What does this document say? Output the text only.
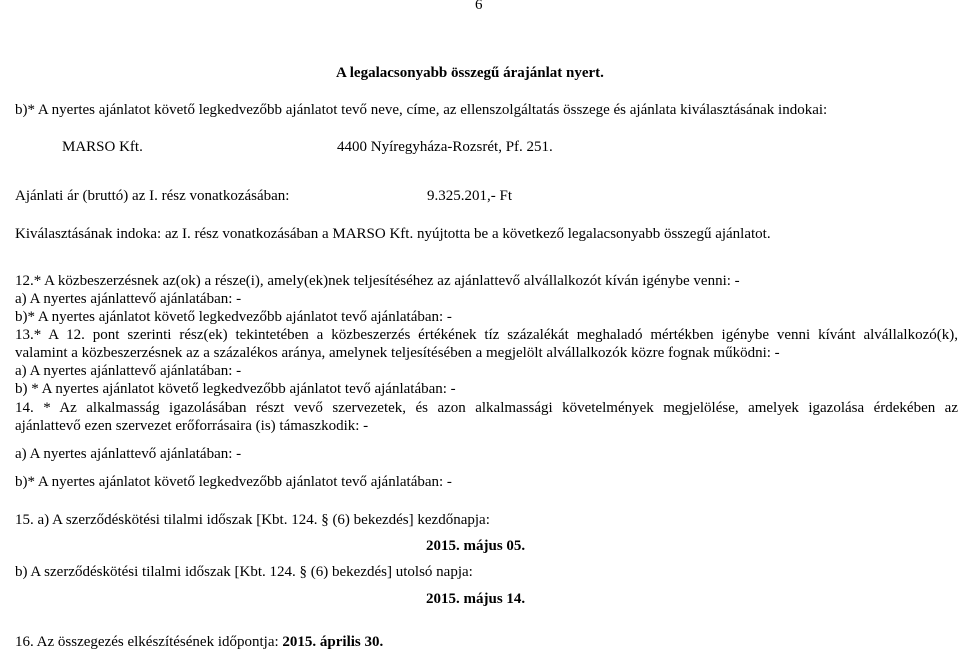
6
A legalacsonyabb összegű árajánlat nyert.
b)* A nyertes ajánlatot követő legkedvezőbb ajánlatot tevő neve, címe, az ellenszolgáltatás összege és ajánlata kiválasztásának indokai:
MARSO Kft.	4400 Nyíregyháza-Rozsrét, Pf. 251.
Ajánlati ár (bruttó) az I. rész vonatkozásában:	9.325.201,- Ft
Kiválasztásának indoka: az I. rész vonatkozásában a MARSO Kft. nyújtotta be a következő legalacsonyabb összegű ajánlatot.
12.* A közbeszerzésnek az(ok) a része(i), amely(ek)nek teljesítéséhez az ajánlattevő alvállalkozót kíván igénybe venni: -
a) A nyertes ajánlattevő ajánlatában: -
b)* A nyertes ajánlatot követő legkedvezőbb ajánlatot tevő ajánlatában: -
13.* A 12. pont szerinti rész(ek) tekintetében a közbeszerzés értékének tíz százalékát meghaladó mértékben igénybe venni kívánt alvállalkozó(k),
valamint a közbeszerzésnek az a százalékos aránya, amelynek teljesítésében a megjelölt alvállalkozók közre fognak működni: -
a) A nyertes ajánlattevő ajánlatában: -
b) * A nyertes ajánlatot követő legkedvezőbb ajánlatot tevő ajánlatában: -
14. * Az alkalmasság igazolásában részt vevő szervezetek, és azon alkalmassági követelmények megjelölése, amelyek igazolása érdekében az
ajánlattevő ezen szervezet erőforrásaira (is) támaszkodik: -
a) A nyertes ajánlattevő ajánlatában: -
b)* A nyertes ajánlatot követő legkedvezőbb ajánlatot tevő ajánlatában: -
15. a) A szerződéskötési tilalmi időszak [Kbt. 124. § (6) bekezdés] kezdőnapja:
2015. május 05.
b) A szerződéskötési tilalmi időszak [Kbt. 124. § (6) bekezdés] utolsó napja:
2015. május 14.
16. Az összegezés elkészítésének időpontja: 2015. április 30.
